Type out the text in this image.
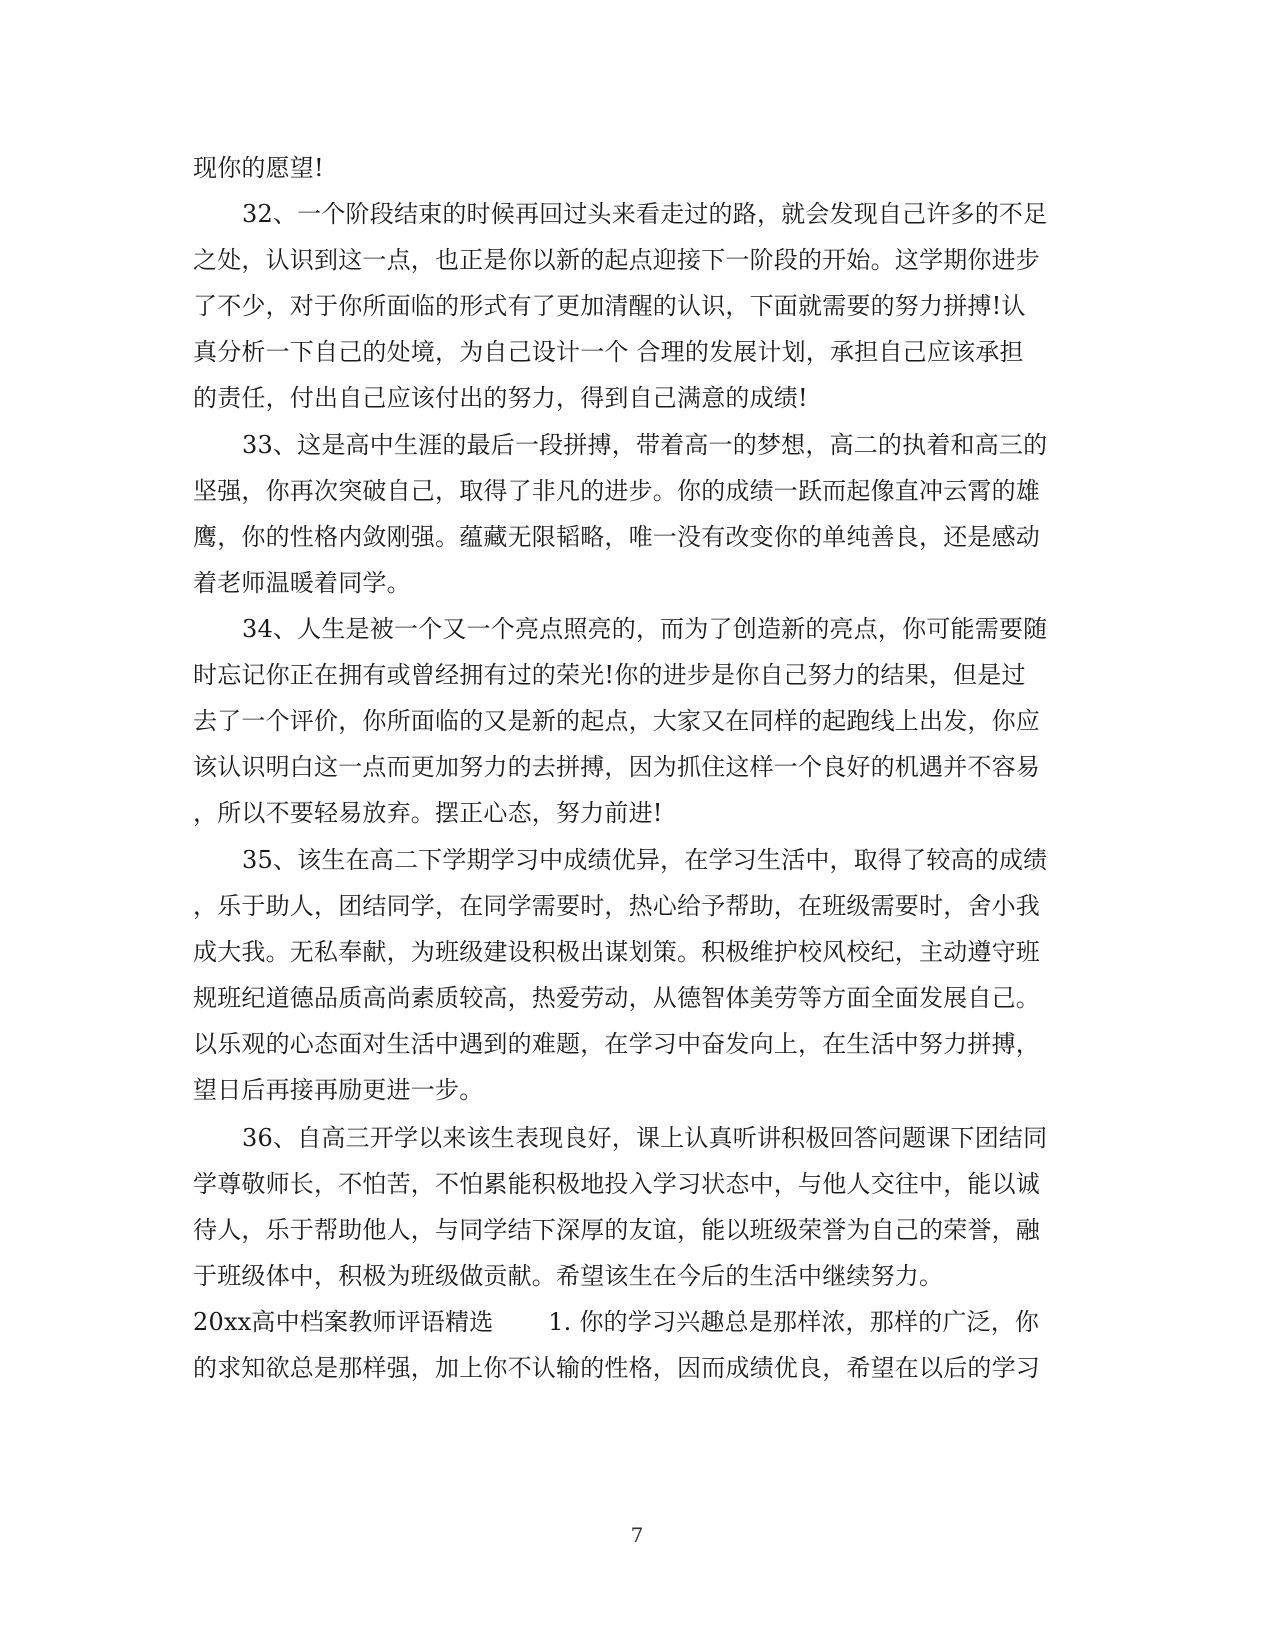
现你的愿望!
32、一个阶段结束的时候再回过头来看走过的路，就会发现自己许多的不足
之处，认识到这一点，也正是你以新的起点迎接下一阶段的开始。这学期你进步
了不少，对于你所面临的形式有了更加清醒的认识，下面就需要的努力拼搏!认
真分析一下自己的处境，为自己设计一个 合理的发展计划，承担自己应该承担
的责任，付出自己应该付出的努力，得到自己满意的成绩!
33、这是高中生涯的最后一段拼搏，带着高一的梦想，高二的执着和高三的
坚强，你再次突破自己，取得了非凡的进步。你的成绩一跃而起像直冲云霄的雄
鹰，你的性格内敛刚强。蕴藏无限韬略，唯一没有改变你的单纯善良，还是感动
着老师温暖着同学。
34、人生是被一个又一个亮点照亮的，而为了创造新的亮点，你可能需要随
时忘记你正在拥有或曾经拥有过的荣光!你的进步是你自己努力的结果，但是过
去了一个评价，你所面临的又是新的起点，大家又在同样的起跑线上出发，你应
该认识明白这一点而更加努力的去拼搏，因为抓住这样一个良好的机遇并不容易
，所以不要轻易放弃。摆正心态，努力前进!
35、该生在高二下学期学习中成绩优异，在学习生活中，取得了较高的成绩
，乐于助人，团结同学，在同学需要时，热心给予帮助，在班级需要时，舍小我
成大我。无私奉献，为班级建设积极出谋划策。积极维护校风校纪，主动遵守班
规班纪道德品质高尚素质较高，热爱劳动，从德智体美劳等方面全面发展自己。
以乐观的心态面对生活中遇到的难题，在学习中奋发向上，在生活中努力拼搏，
望日后再接再励更进一步。
36、自高三开学以来该生表现良好，课上认真听讲积极回答问题课下团结同
学尊敬师长，不怕苦，不怕累能积极地投入学习状态中，与他人交往中，能以诚
待人，乐于帮助他人，与同学结下深厚的友谊，能以班级荣誉为自己的荣誉，融
于班级体中，积极为班级做贡献。希望该生在今后的生活中继续努力。
20xx高中档案教师评语精选       1. 你的学习兴趣总是那样浓，那样的广泛，你
的求知欲总是那样强，加上你不认输的性格，因而成绩优良，希望在以后的学习
7
